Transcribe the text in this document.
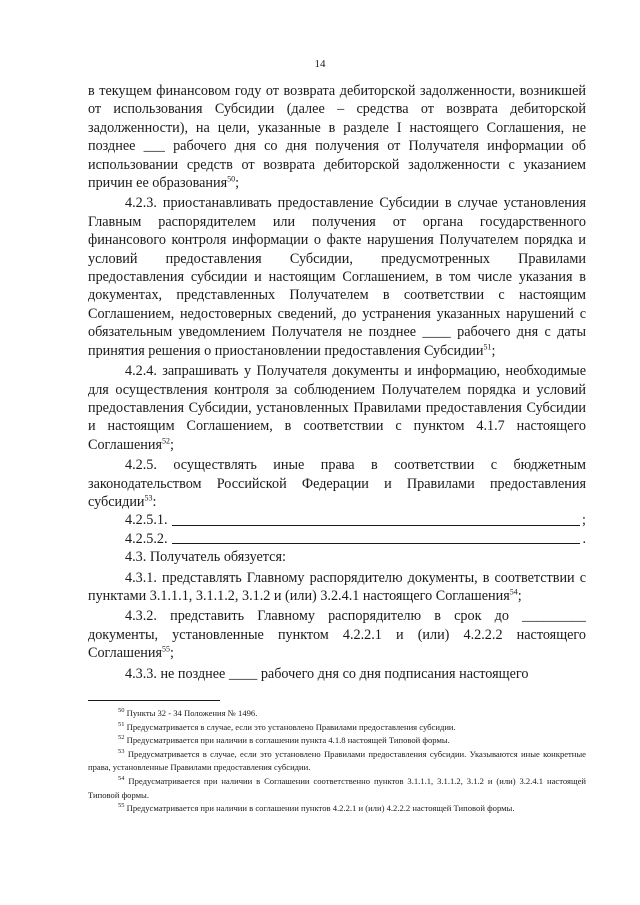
14

в текущем финансовом году от возврата дебиторской задолженности, возникшей от использования Субсидии (далее – средства от возврата дебиторской задолженности), на цели, указанные в разделе I настоящего Соглашения, не позднее ___ рабочего дня со дня получения от Получателя информации об использовании средств от возврата дебиторской задолженности с указанием причин ее образования$^{50}$;

4.2.3. приостанавливать предоставление Субсидии в случае установления Главным распорядителем или получения от органа государственного финансового контроля информации о факте нарушения Получателем порядка и условий предоставления Субсидии, предусмотренных Правилами предоставления субсидии и настоящим Соглашением, в том числе указания в документах, представленных Получателем в соответствии с настоящим Соглашением, недостоверных сведений, до устранения указанных нарушений с обязательным уведомлением Получателя не позднее ____ рабочего дня с даты принятия решения о приостановлении предоставления Субсидии$^{51}$;

4.2.4. запрашивать у Получателя документы и информацию, необходимые для осуществления контроля за соблюдением Получателем порядка и условий предоставления Субсидии, установленных Правилами предоставления Субсидии и настоящим Соглашением, в соответствии с пунктом 4.1.7 настоящего Соглашения$^{52}$;

4.2.5. осуществлять иные права в соответствии с бюджетным законодательством Российской Федерации и Правилами предоставления субсидии$^{53}$:

4.2.5.1.	;
4.2.5.2.	.

4.3. Получатель обязуется:

4.3.1. представлять Главному распорядителю документы, в соответствии с пунктами 3.1.1.1, 3.1.1.2, 3.1.2 и (или) 3.2.4.1 настоящего Соглашения$^{54}$;

4.3.2. представить Главному распорядителю в срок до _________ документы, установленные пунктом 4.2.2.1 и (или) 4.2.2.2 настоящего Соглашения$^{55}$;

4.3.3. не позднее ____ рабочего дня со дня подписания настоящего

$^{50}$ Пункты 32 - 34 Положения № 1496.

$^{51}$ Предусматривается в случае, если это установлено Правилами предоставления субсидии.

$^{52}$ Предусматривается при наличии в соглашении пункта 4.1.8 настоящей Типовой формы.

$^{53}$ Предусматривается в случае, если это установлено Правилами предоставления субсидии. Указываются иные конкретные права, установленные Правилами предоставления субсидии.

$^{54}$ Предусматривается при наличии в Соглашении соответственно пунктов 3.1.1.1, 3.1.1.2, 3.1.2 и (или) 3.2.4.1 настоящей Типовой формы.

$^{55}$ Предусматривается при наличии в соглашении пунктов 4.2.2.1 и (или) 4.2.2.2 настоящей Типовой формы.
